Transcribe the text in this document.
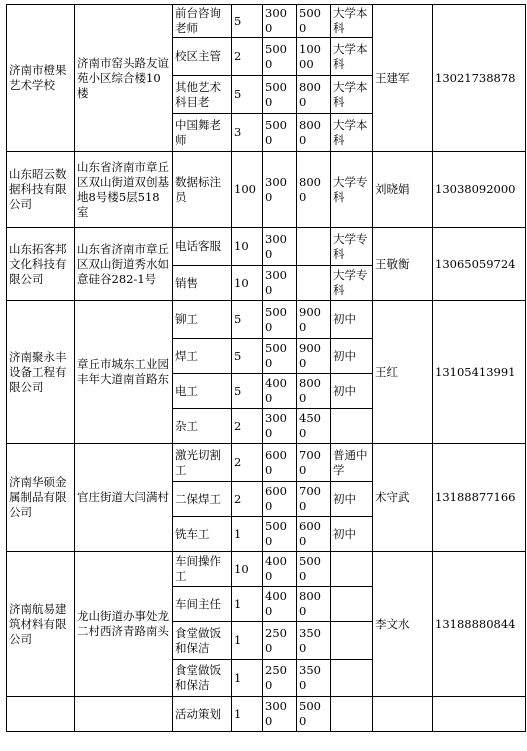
济南市橙果艺术学校	济南市窑头路友谊苑小区综合楼10楼	前台咨询老师	5	3000	5000	大学本科	王建军	13021738878
		校区主管	2	5000	10000	大学本科		
		其他艺术科目老	5	5000	8000	大学本科		
		中国舞老师	3	5000	8000	大学本科		
山东昭云数据科技有限公司	山东省济南市章丘区双山街道双创基地8号楼5层518室	数据标注员	100	3000	8000	大学专科	刘晓娟	13038092000
山东拓客邦文化科技有限公司	山东省济南市章丘区双山街道秀水如意硅谷282-1号	电话客服	10	3000		大学专科	王敬衡	13065059724
		销售	10	3000		大学专科		
济南聚永丰设备工程有限公司	章丘市城东工业园丰年大道南首路东	铆工	5	5000	9000	初中	王红	13105413991
		焊工	5	5000	9000	初中		
		电工	5	4000	8000	初中		
		杂工	2	3000	4500			
济南华硕金属制品有限公司	官庄街道大闫满村	激光切割工	2	6000	7000	普通中学	术守武	13188877166
		二保焊工	2	6000	7000	初中		
		铣车工	1	5000	6000	初中		
济南航易建筑材料有限公司	龙山街道办事处龙二村西济青路南头	车间操作工	10	4000	5000		李文水	13188880844
		车间主任	1	4000	8000			
		食堂做饭和保洁	1	2500	3500			
		食堂做饭和保洁	1	2500	3500			
		活动策划	1	3000	5000			
